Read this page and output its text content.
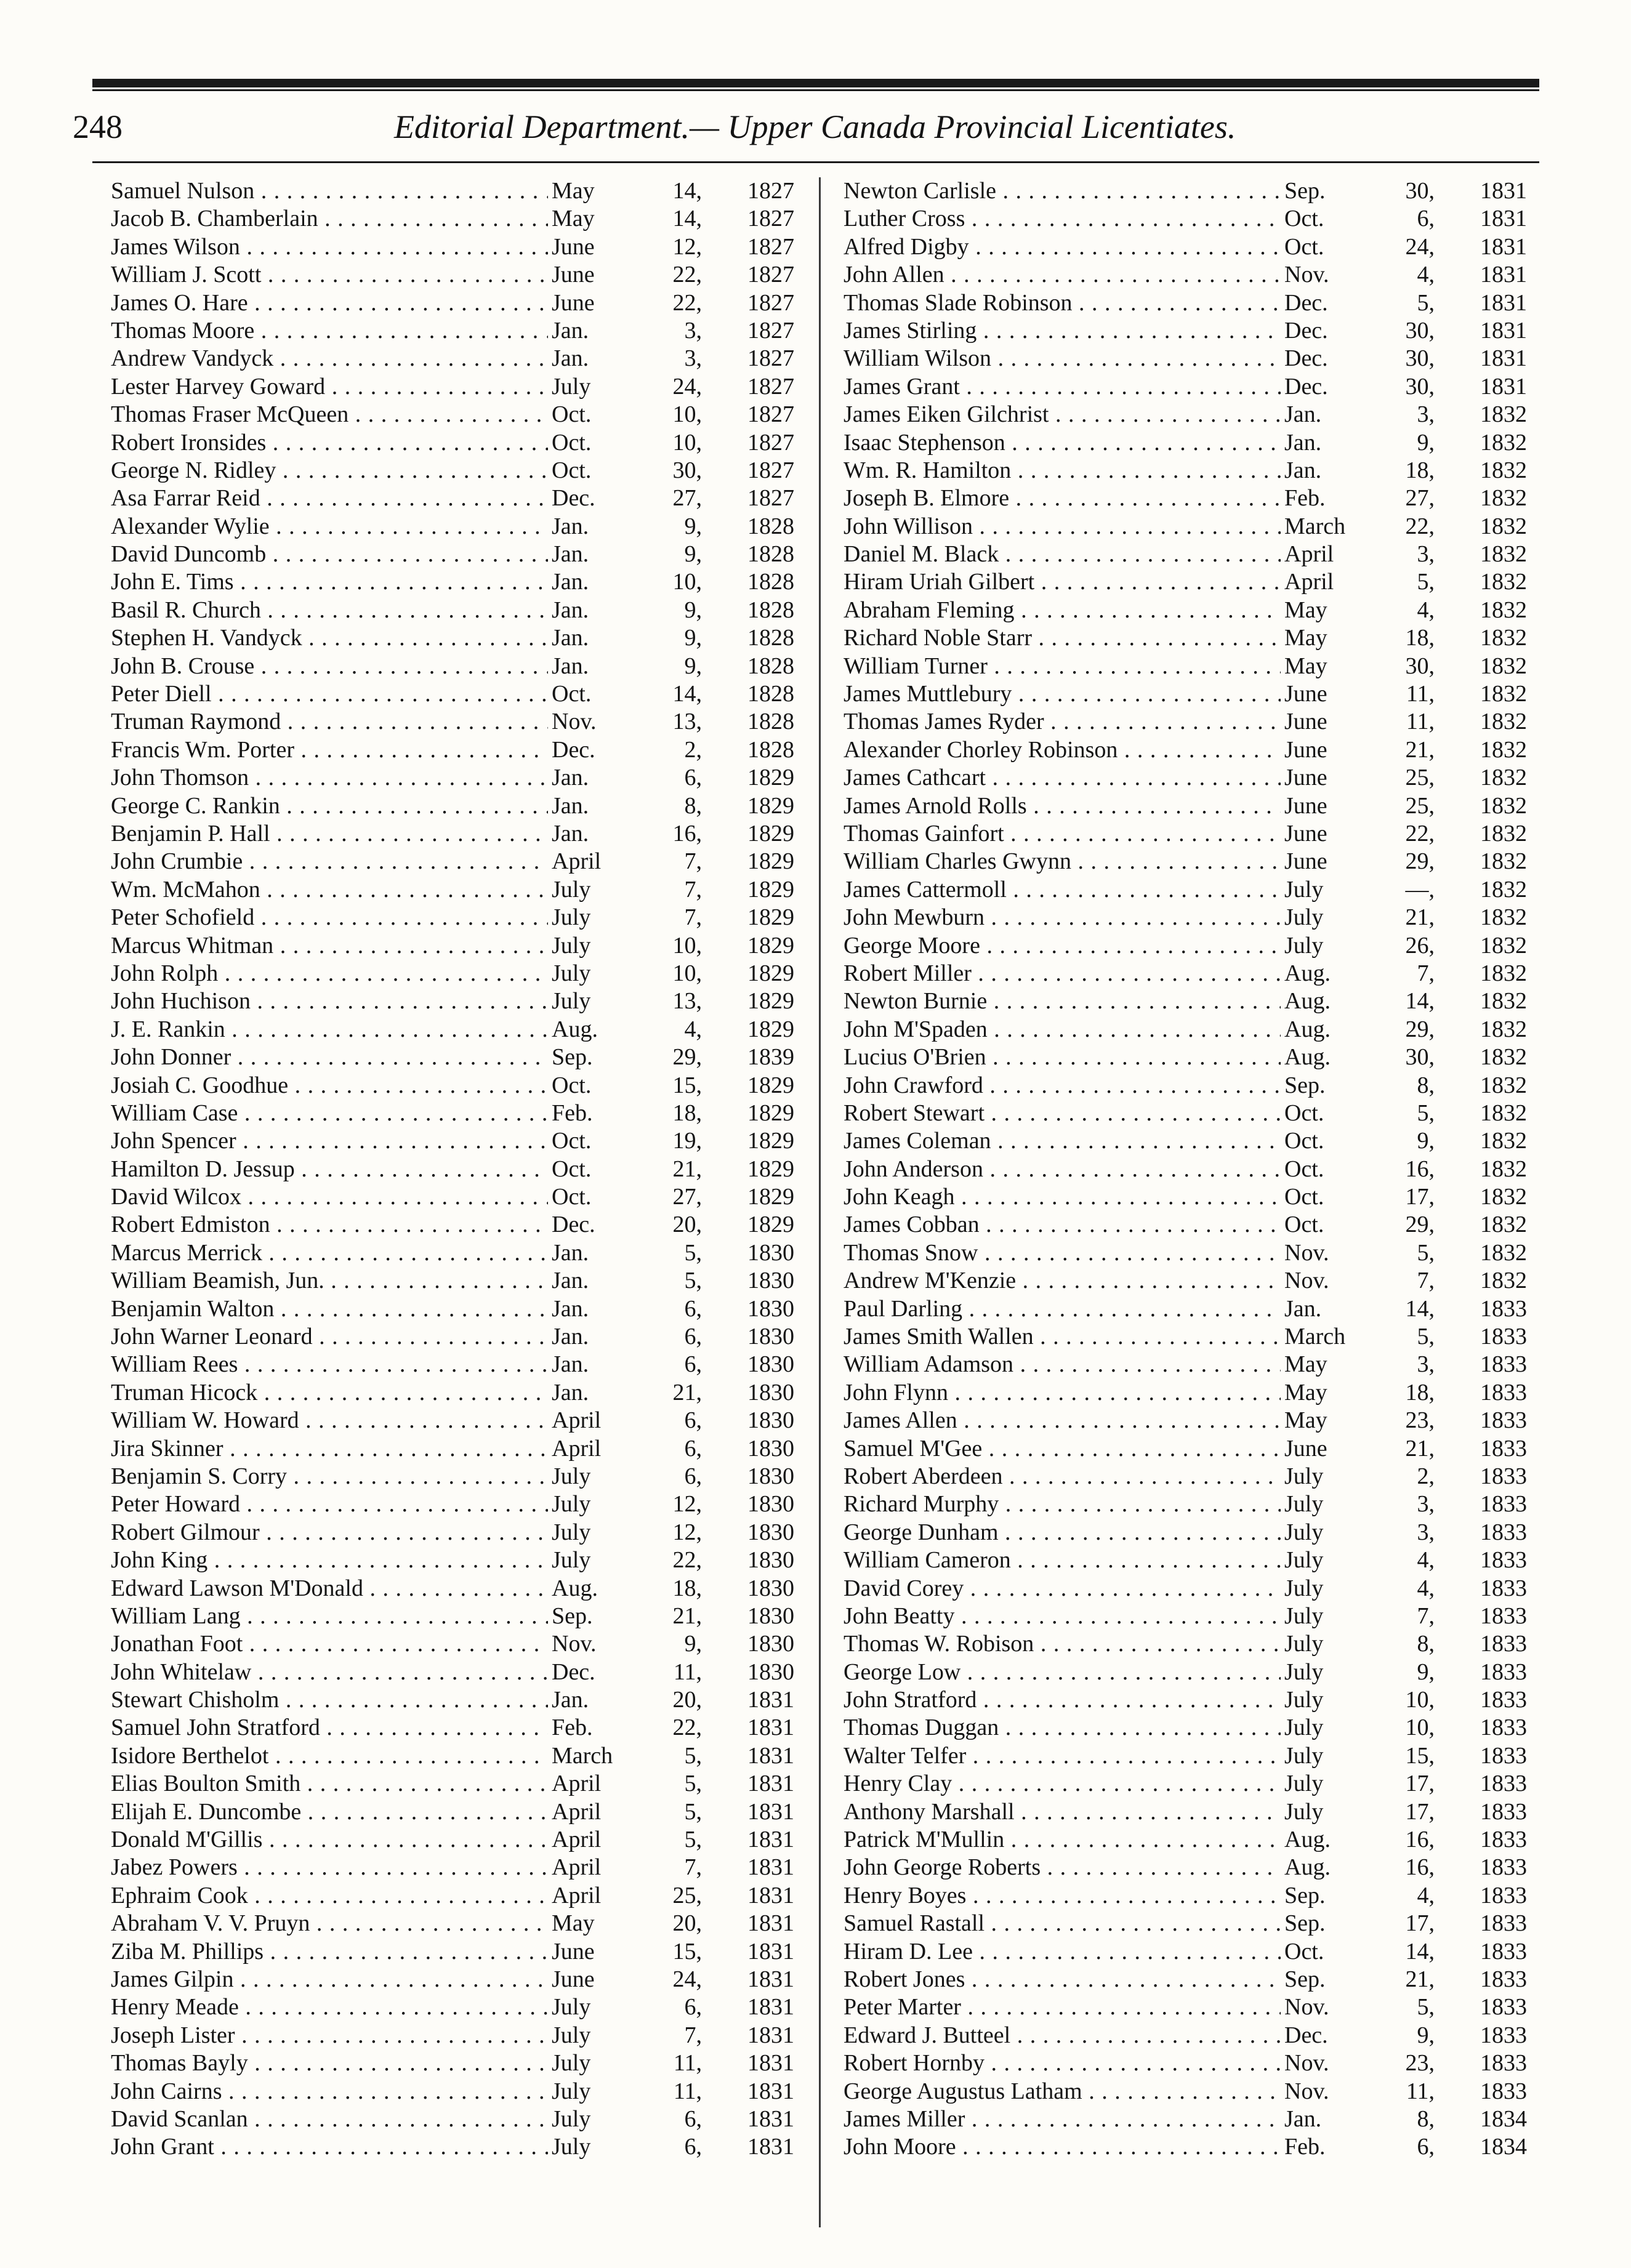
248	Editorial Department.— Upper Canada Provincial Licentiates.
Samuel Nulson . . .	May	14,	1827
Jacob B. Chamberlain . . .	May	14,	1827
James Wilson . . .	June	12,	1827
William J. Scott . . .	June	22,	1827
James O. Hare . . .	June	22,	1827
Thomas Moore . . .	Jan.	3,	1827
Andrew Vandyck . . .	Jan.	3,	1827
Lester Harvey Goward . . .	July	24,	1827
Thomas Fraser McQueen . . .	Oct.	10,	1827
Robert Ironsides . . .	Oct.	10,	1827
George N. Ridley . . .	Oct.	30,	1827
Asa Farrar Reid . . .	Dec.	27,	1827
Alexander Wylie . . .	Jan.	9,	1828
David Duncomb . . .	Jan.	9,	1828
John E. Tims . . .	Jan.	10,	1828
Basil R. Church . . .	Jan.	9,	1828
Stephen H. Vandyck . . .	Jan.	9,	1828
John B. Crouse . . .	Jan.	9,	1828
Peter Diell . . .	Oct.	14,	1828
Truman Raymond . . .	Nov.	13,	1828
Francis Wm. Porter . . .	Dec.	2,	1828
John Thomson . . .	Jan.	6,	1829
George C. Rankin . . .	Jan.	8,	1829
Benjamin P. Hall . . .	Jan.	16,	1829
John Crumbie . . .	April	7,	1829
Wm. McMahon . . .	July	7,	1829
Peter Schofield . . .	July	7,	1829
Marcus Whitman . . .	July	10,	1829
John Rolph . . .	July	10,	1829
John Huchison . . .	July	13,	1829
J. E. Rankin . . .	Aug.	4,	1829
John Donner . . .	Sep.	29,	1839
Josiah C. Goodhue . . .	Oct.	15,	1829
William Case . . .	Feb.	18,	1829
John Spencer . . .	Oct.	19,	1829
Hamilton D. Jessup . . .	Oct.	21,	1829
David Wilcox . . .	Oct.	27,	1829
Robert Edmiston . . .	Dec.	20,	1829
Marcus Merrick . . .	Jan.	5,	1830
William Beamish, Jun. . . .	Jan.	5,	1830
Benjamin Walton . . .	Jan.	6,	1830
John Warner Leonard . . .	Jan.	6,	1830
William Rees . . .	Jan.	6,	1830
Truman Hicock . . .	Jan.	21,	1830
William W. Howard . . .	April	6,	1830
Jira Skinner . . .	April	6,	1830
Benjamin S. Corry . . .	July	6,	1830
Peter Howard . . .	July	12,	1830
Robert Gilmour . . .	July	12,	1830
John King . . .	July	22,	1830
Edward Lawson M'Donald . . .	Aug.	18,	1830
William Lang . . .	Sep.	21,	1830
Jonathan Foot . . .	Nov.	9,	1830
John Whitelaw . . .	Dec.	11,	1830
Stewart Chisholm . . .	Jan.	20,	1831
Samuel John Stratford . . .	Feb.	22,	1831
Isidore Berthelot . . .	March	5,	1831
Elias Boulton Smith . . .	April	5,	1831
Elijah E. Duncombe . . .	April	5,	1831
Donald M'Gillis . . .	April	5,	1831
Jabez Powers . . .	April	7,	1831
Ephraim Cook . . .	April	25,	1831
Abraham V. V. Pruyn . . .	May	20,	1831
Ziba M. Phillips . . .	June	15,	1831
James Gilpin . . .	June	24,	1831
Henry Meade . . .	July	6,	1831
Joseph Lister . . .	July	7,	1831
Thomas Bayly . . .	July	11,	1831
John Cairns . . .	July	11,	1831
David Scanlan . . .	July	6,	1831
John Grant . . .	July	6,	1831
Newton Carlisle . . .	Sep.	30,	1831
Luther Cross . . .	Oct.	6,	1831
Alfred Digby . . .	Oct.	24,	1831
John Allen . . .	Nov.	4,	1831
Thomas Slade Robinson . . .	Dec.	5,	1831
James Stirling . . .	Dec.	30,	1831
William Wilson . . .	Dec.	30,	1831
James Grant . . .	Dec.	30,	1831
James Eiken Gilchrist . . .	Jan.	3,	1832
Isaac Stephenson . . .	Jan.	9,	1832
Wm. R. Hamilton . . .	Jan.	18,	1832
Joseph B. Elmore . . .	Feb.	27,	1832
John Willison . . .	March	22,	1832
Daniel M. Black . . .	April	3,	1832
Hiram Uriah Gilbert . . .	April	5,	1832
Abraham Fleming . . .	May	4,	1832
Richard Noble Starr . . .	May	18,	1832
William Turner . . .	May	30,	1832
James Muttlebury . . .	June	11,	1832
Thomas James Ryder . . .	June	11,	1832
Alexander Chorley Robinson . . .	June	21,	1832
James Cathcart . . .	June	25,	1832
James Arnold Rolls . . .	June	25,	1832
Thomas Gainfort . . .	June	22,	1832
William Charles Gwynn . . .	June	29,	1832
James Cattermoll . . .	July	—,	1832
John Mewburn . . .	July	21,	1832
George Moore . . .	July	26,	1832
Robert Miller . . .	Aug.	7,	1832
Newton Burnie . . .	Aug.	14,	1832
John M'Spaden . . .	Aug.	29,	1832
Lucius O'Brien . . .	Aug.	30,	1832
John Crawford . . .	Sep.	8,	1832
Robert Stewart . . .	Oct.	5,	1832
James Coleman . . .	Oct.	9,	1832
John Anderson . . .	Oct.	16,	1832
John Keagh . . .	Oct.	17,	1832
James Cobban . . .	Oct.	29,	1832
Thomas Snow . . .	Nov.	5,	1832
Andrew M'Kenzie . . .	Nov.	7,	1832
Paul Darling . . .	Jan.	14,	1833
James Smith Wallen . . .	March	5,	1833
William Adamson . . .	May	3,	1833
John Flynn . . .	May	18,	1833
James Allen . . .	May	23,	1833
Samuel M'Gee . . .	June	21,	1833
Robert Aberdeen . . .	July	2,	1833
Richard Murphy . . .	July	3,	1833
George Dunham . . .	July	3,	1833
William Cameron . . .	July	4,	1833
David Corey . . .	July	4,	1833
John Beatty . . .	July	7,	1833
Thomas W. Robison . . .	July	8,	1833
George Low . . .	July	9,	1833
John Stratford . . .	July	10,	1833
Thomas Duggan . . .	July	10,	1833
Walter Telfer . . .	July	15,	1833
Henry Clay . . .	July	17,	1833
Anthony Marshall . . .	July	17,	1833
Patrick M'Mullin . . .	Aug.	16,	1833
John George Roberts . . .	Aug.	16,	1833
Henry Boyes . . .	Sep.	4,	1833
Samuel Rastall . . .	Sep.	17,	1833
Hiram D. Lee . . .	Oct.	14,	1833
Robert Jones . . .	Sep.	21,	1833
Peter Marter . . .	Nov.	5,	1833
Edward J. Butteel . . .	Dec.	9,	1833
Robert Hornby . . .	Nov.	23,	1833
George Augustus Latham . . .	Nov.	11,	1833
James Miller . . .	Jan.	8,	1834
John Moore . . .	Feb.	6,	1834
